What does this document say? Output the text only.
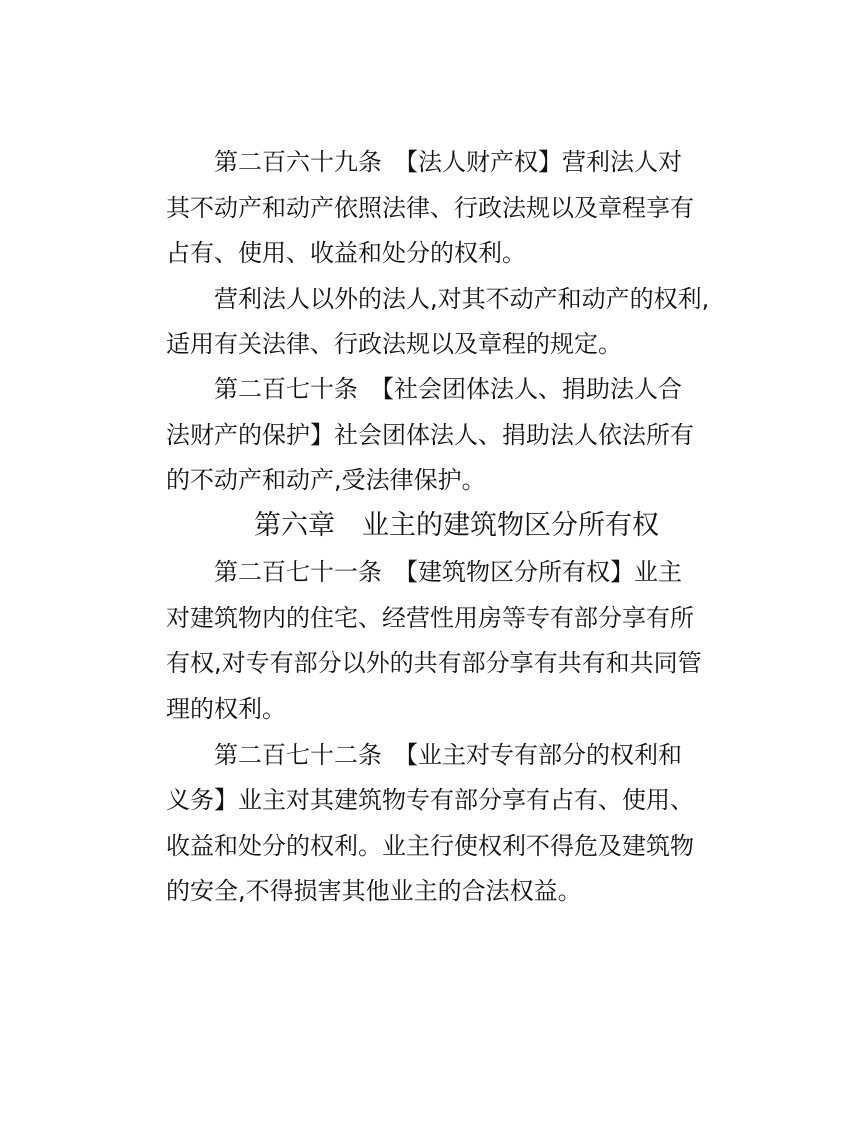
第二百六十九条　【法人财产权】营利法人对
其不动产和动产依照法律、行政法规以及章程享有
占有、使用、收益和处分的权利。
营利法人以外的法人,对其不动产和动产的权利,
适用有关法律、行政法规以及章程的规定。
第二百七十条　【社会团体法人、捐助法人合
法财产的保护】社会团体法人、捐助法人依法所有
的不动产和动产,受法律保护。
第六章　业主的建筑物区分所有权
第二百七十一条　【建筑物区分所有权】业主
对建筑物内的住宅、经营性用房等专有部分享有所
有权,对专有部分以外的共有部分享有共有和共同管
理的权利。
第二百七十二条　【业主对专有部分的权利和
义务】业主对其建筑物专有部分享有占有、使用、
收益和处分的权利。业主行使权利不得危及建筑物
的安全,不得损害其他业主的合法权益。
